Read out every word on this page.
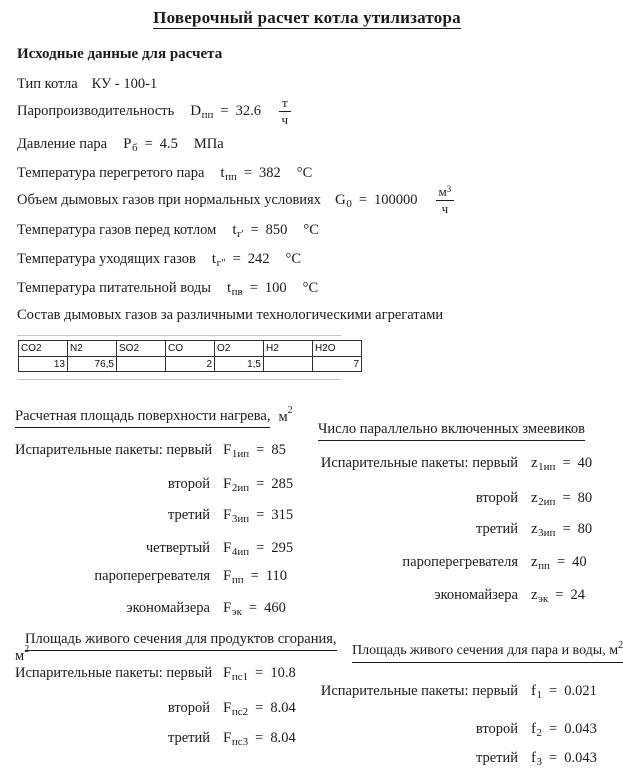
Поверочный расчет котла утилизатора
Исходные данные для расчета
Тип котла КУ - 100-1
Паропроизводительность D пп = $32.6 \frac{т}{ч}$
Давление пара P б = 4.5 МПа
Температура перегретого пара t пп = 382 °С
Объем дымовых газов при нормальных условиях G $0 = 100000 \frac{м^3}{ч}$
Температура газов перед котлом t г' = 850 °С
Температура уходящих газов t г" = 242 °С
Температура питательной воды t пв = 100 °С
Состав дымовых газов за различными технологическими агрегатами
CO2	N2	SO2	CO	O2	H2	H2O
13	76,5		2	1,5		7
Расчетная площадь поверхности нагрева, м 2
Испарительные пакеты: первый F 1ип = 85
второй F 2ип = 285
третий F 3ип = 315
четвертый F 4ип = 295
пароперегревателя F пп = 110
экономайзера F эк = 460
Число параллельно включенных змеевиков
Испарительные пакеты: первый z 1ип = 40
второй z 2ип = 80
третий z 3ип = 80
пароперегревателя z пп = 40
экономайзера z эк = 24
Площадь живого сечения для продуктов сгорания,
м 2
Испарительные пакеты: первый F пс1 = 10.8
второй F пс2 = 8.04
третий F пс3 = 8.04
Площадь живого сечения для пара и воды, $м^2$
Испарительные пакеты: первый f 1 = 0.021
второй f 2 = 0.043
третий f 3 = 0.043
